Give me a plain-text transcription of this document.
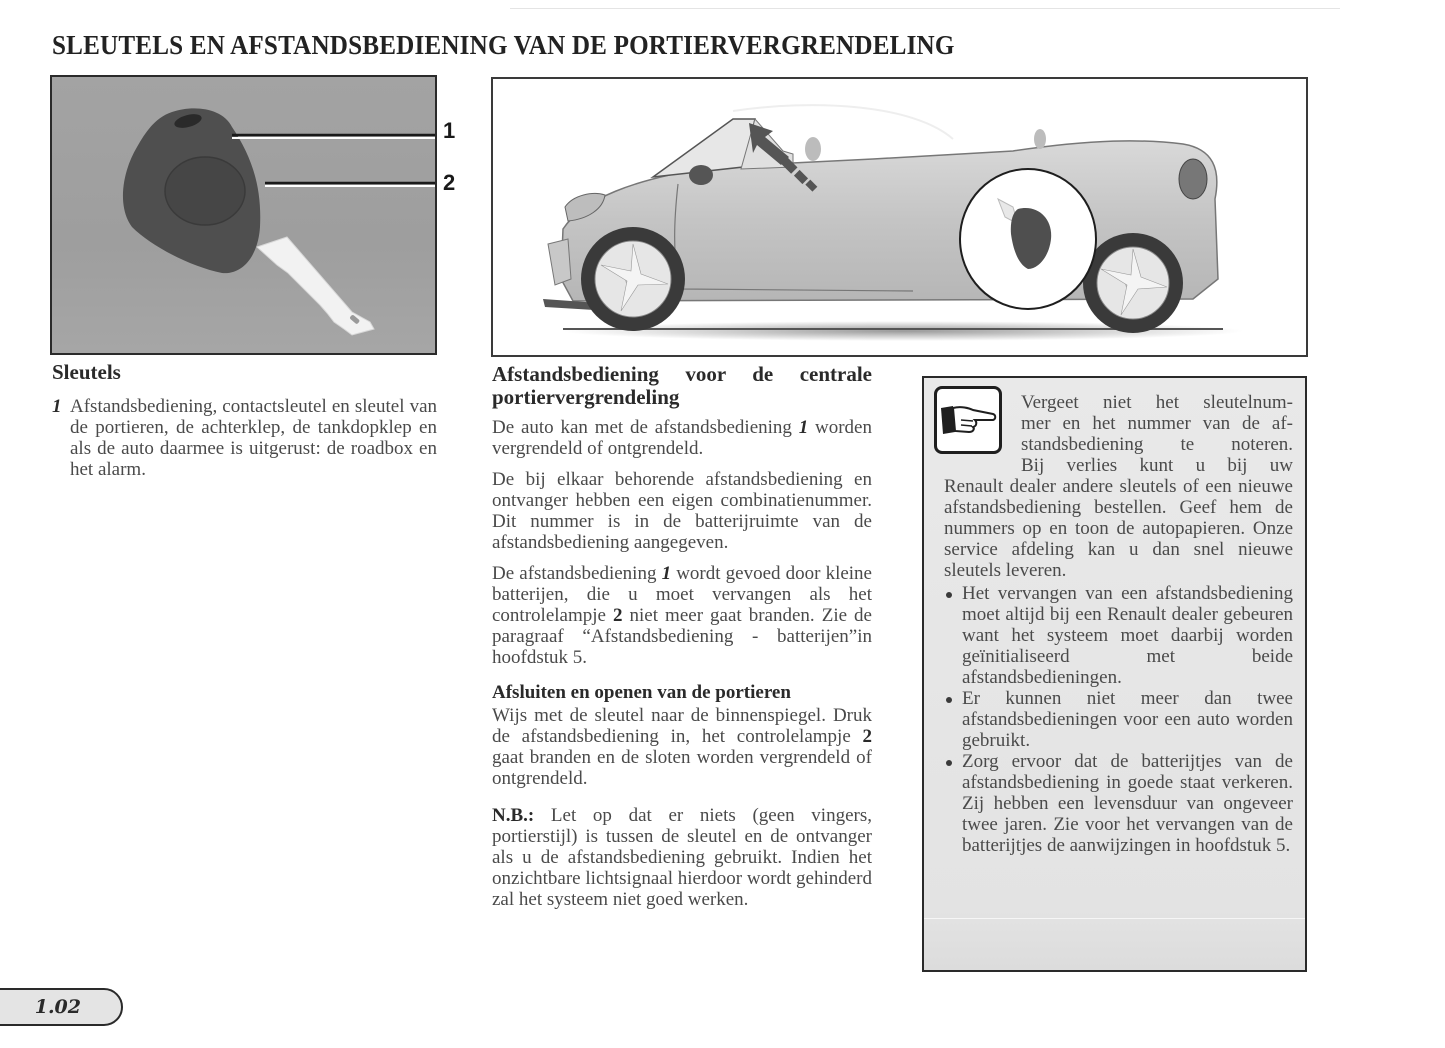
SLEUTELS EN AFSTANDSBEDIENING VAN DE PORTIERVERGRENDELING
1
2
Sleutels
1 Afstandsbediening, contactsleutel en sleutel van de portieren, de achterklep, de tankdopklep en als de auto daarmee is uitgerust: de roadbox en het alarm.
Afstandsbediening voor de centrale portiervergrendeling

De auto kan met de afstandsbediening 1 worden vergrendeld of ontgrendeld.

De bij elkaar behorende afstandsbediening en ontvanger hebben een eigen combinatienummer. Dit nummer is in de batterijruimte van de afstandsbediening aangegeven.

De afstandsbediening 1 wordt gevoed door kleine batterijen, die u moet vervangen als het controlelampje 2 niet meer gaat branden. Zie de paragraaf “Afstandsbediening - batterijen”in hoofdstuk 5.

Afsluiten en openen van de portieren

Wijs met de sleutel naar de binnenspiegel. Druk de afstandsbediening in, het controlelampje 2 gaat branden en de sloten worden vergrendeld of ontgrendeld.

N.B.: Let op dat er niets (geen vingers, portierstijl) is tussen de sleutel en de ontvanger als u de afstandsbediening gebruikt. Indien het onzichtbare lichtsignaal hierdoor wordt gehinderd zal het systeem niet goed werken.

Vergeet niet het sleutelnum-
mer en het nummer van de af-
standsbediening te noteren.
Bij verlies kunt u bij uw
Renault dealer andere sleutels of een nieuwe afstandsbediening bestellen. Geef hem de nummers op en toon de autopapieren. Onze service afdeling kan u dan snel nieuwe sleutels leveren.
Het vervangen van een afstandsbediening moet altijd bij een Renault dealer gebeuren want het systeem moet daarbij worden geïnitialiseerd met beide afstandsbedieningen.
Er kunnen niet meer dan twee afstandsbedieningen voor een auto worden gebruikt.
Zorg ervoor dat de batterijtjes van de afstandsbediening in goede staat verkeren. Zij hebben een levensduur van ongeveer twee jaren. Zie voor het vervangen van de batterijtjes de aanwijzingen in hoofdstuk 5.
1.02
